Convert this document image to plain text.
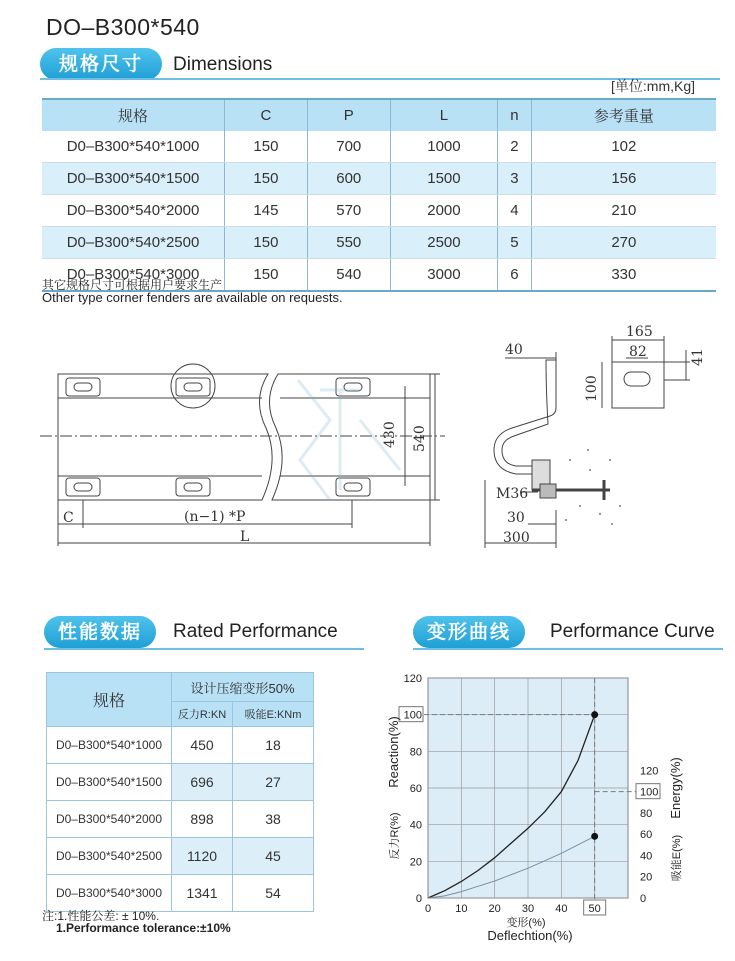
DO–B300*540
规格尺寸	Dimensions
[单位:mm,Kg]
规格	C	P	L	n	参考重量
D0–B300*540*1000	150	700	1000	2	102
D0–B300*540*1500	150	600	1500	3	156
D0–B300*540*2000	145	570	2000	4	210
D0–B300*540*2500	150	550	2500	5	270
D0–B300*540*3000	150	540	3000	6	330
其它规格尺寸可根据用户要求生产
Other type corner fenders are available on requests.
430 540
C	(n−1) *P
L
40
100
M36
30
300
165
82	41
性能数据	Rated Performance	变形曲线	Performance Curve
规格	设计压缩变形50%	
	反力R:KN	吸能E:KNm
D0–B300*540*1000	450	18
D0–B300*540*1500	696	27
D0–B300*540*2000	898	38
D0–B300*540*2500	1120	45
D0–B300*540*3000	1341	54
注:1.性能公差: ± 10%.
1.Performance tolerance:±10%
0 10 20 30 40 50
0
20
40
60
80
100
120
0
20
40
60
80
100
120
变形(%)
Deflechtion(%)
反力R(%)
Reaction(%)
吸能E(%)
Energy(%)
